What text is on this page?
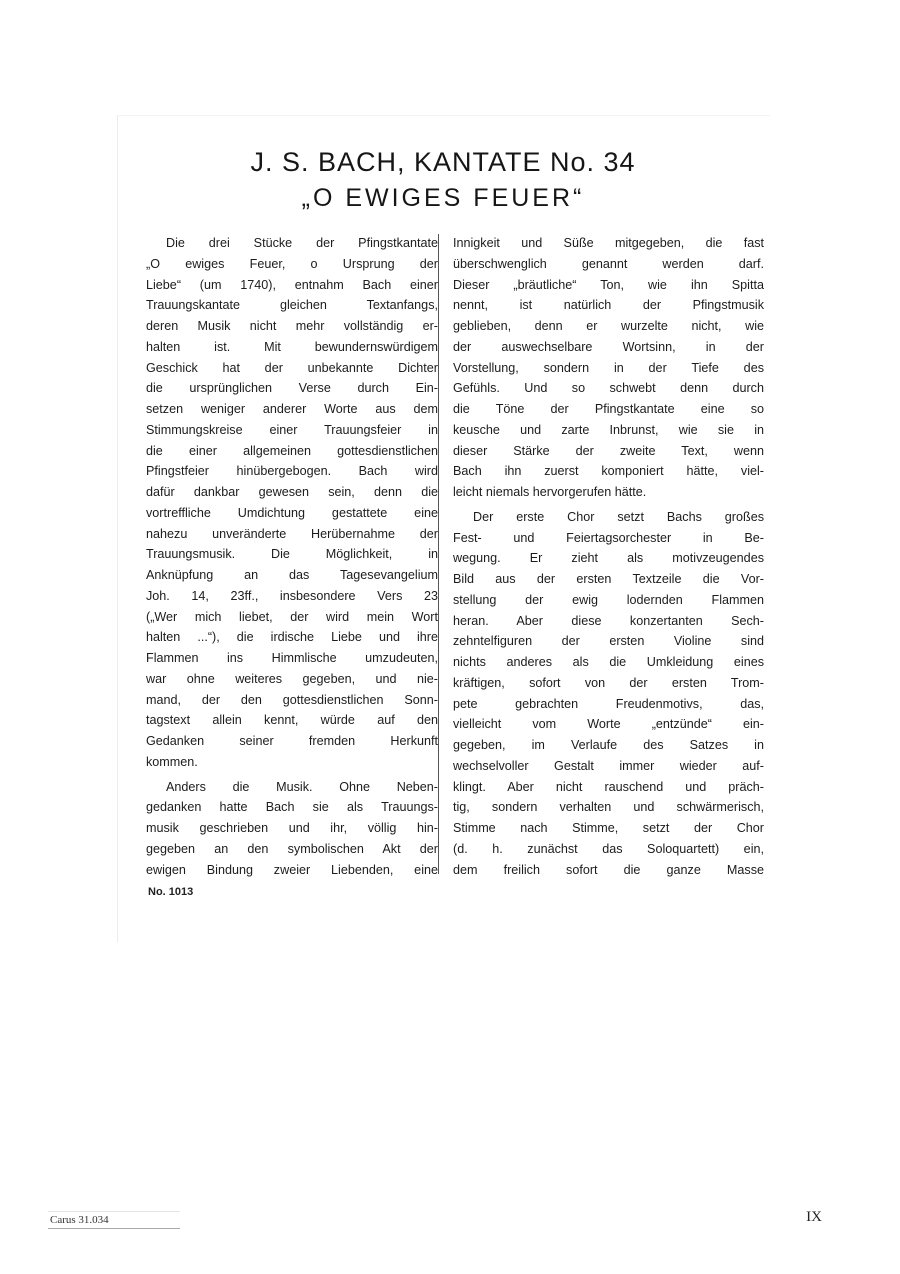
J. S. BACH, KANTATE No. 34
„O EWIGES FEUER“
Die drei Stücke der Pfingstkantate
„O ewiges Feuer, o Ursprung der
Liebe“ (um 1740), entnahm Bach einer
Trauungskantate gleichen Textanfangs,
deren Musik nicht mehr vollständig er-
halten ist. Mit bewundernswürdigem
Geschick hat der unbekannte Dichter
die ursprünglichen Verse durch Ein-
setzen weniger anderer Worte aus dem
Stimmungskreise einer Trauungsfeier in
die einer allgemeinen gottesdienstlichen
Pfingstfeier hinübergebogen. Bach wird
dafür dankbar gewesen sein, denn die
vortreffliche Umdichtung gestattete eine
nahezu unveränderte Herübernahme der
Trauungsmusik. Die Möglichkeit, in
Anknüpfung an das Tagesevangelium
Joh. 14, 23ff., insbesondere Vers 23
(„Wer mich liebet, der wird mein Wort
halten ...“), die irdische Liebe und ihre
Flammen ins Himmlische umzudeuten,
war ohne weiteres gegeben, und nie-
mand, der den gottesdienstlichen Sonn-
tagstext allein kennt, würde auf den
Gedanken seiner fremden Herkunft
kommen.
Anders die Musik. Ohne Neben-
gedanken hatte Bach sie als Trauungs-
musik geschrieben und ihr, völlig hin-
gegeben an den symbolischen Akt der
ewigen Bindung zweier Liebenden, eine
Innigkeit und Süße mitgegeben, die fast
überschwenglich genannt werden darf.
Dieser „bräutliche“ Ton, wie ihn Spitta
nennt, ist natürlich der Pfingstmusik
geblieben, denn er wurzelte nicht, wie
der auswechselbare Wortsinn, in der
Vorstellung, sondern in der Tiefe des
Gefühls. Und so schwebt denn durch
die Töne der Pfingstkantate eine so
keusche und zarte Inbrunst, wie sie in
dieser Stärke der zweite Text, wenn
Bach ihn zuerst komponiert hätte, viel-
leicht niemals hervorgerufen hätte.
Der erste Chor setzt Bachs großes
Fest- und Feiertagsorchester in Be-
wegung. Er zieht als motivzeugendes
Bild aus der ersten Textzeile die Vor-
stellung der ewig lodernden Flammen
heran. Aber diese konzertanten Sech-
zehntelfiguren der ersten Violine sind
nichts anderes als die Umkleidung eines
kräftigen, sofort von der ersten Trom-
pete gebrachten Freudenmotivs, das,
vielleicht vom Worte „entzünde“ ein-
gegeben, im Verlaufe des Satzes in
wechselvoller Gestalt immer wieder auf-
klingt. Aber nicht rauschend und präch-
tig, sondern verhalten und schwärmerisch,
Stimme nach Stimme, setzt der Chor
(d. h. zunächst das Soloquartett) ein,
dem freilich sofort die ganze Masse
No. 1013
Carus 31.034	IX
